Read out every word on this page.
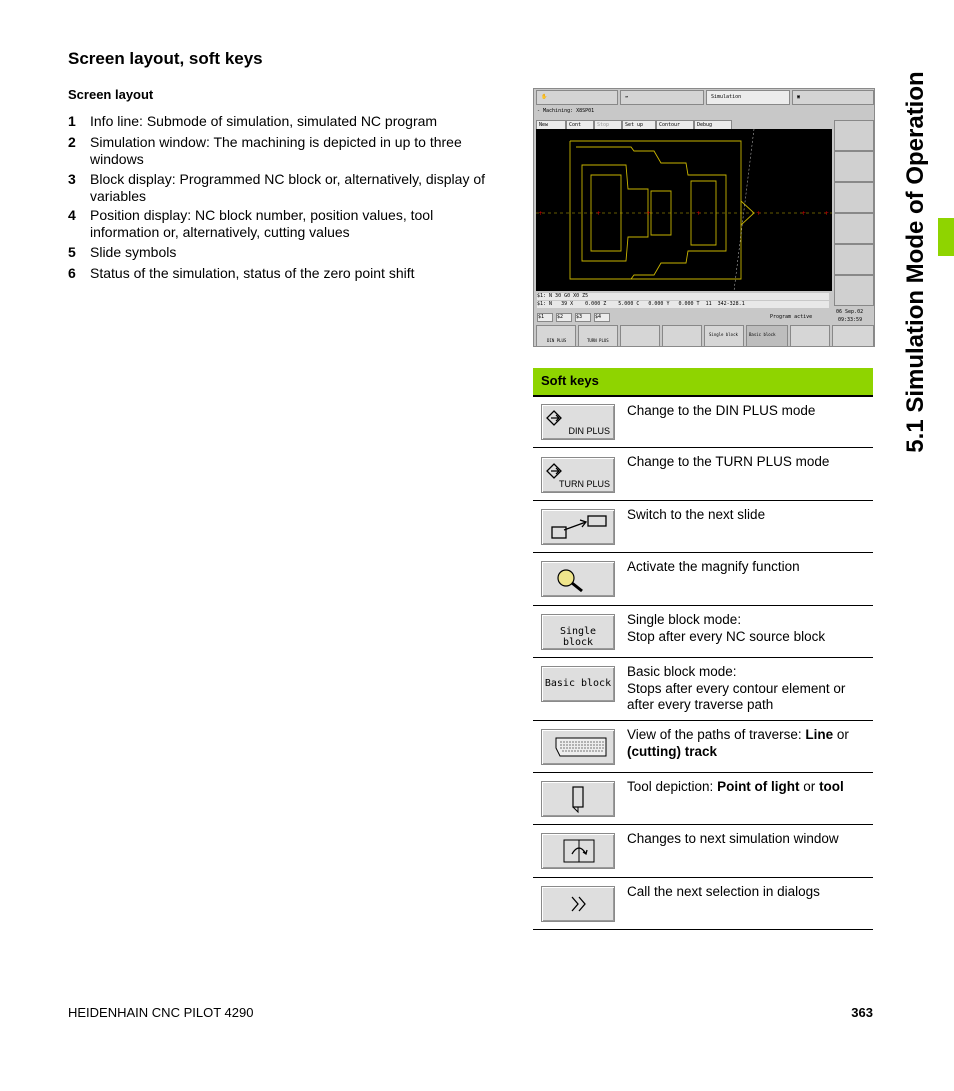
Screen layout, soft keys
Screen layout
1 Info line: Submode of simulation, simulated NC program
2 Simulation window: The machining is depicted in up to three windows
3 Block display: Programmed NC block or, alternatively, display of variables
4 Position display: NC block number, position values, tool information or, alternatively, cutting values
5 Slide symbols
6 Status of the simulation, status of the zero point shift	5.1 Simulation Mode of Operation
✋	⇛	Simulation	▣
- Machining: X8SP01
New	Cont	Stop	Set up	Contour	Debug
+	+	+	+	+	+	+
$1: N 30 G0 X0 Z5
$1: N   39 X    0.000 Z    5.000 C   0.000 Y   0.000 T  11  342-328.1
$1	$2	$3	$4	Program active
06 Sep.02
09:33:59
DIN PLUS	TURN PLUS
Single block	Basic block
Soft keys
DIN PLUS
Change to the DIN PLUS mode
TURN PLUS
Change to the TURN PLUS mode
Switch to the next slide
Activate the magnify function
Single block
Single block mode:
Stop after every NC source block
Basic block
Basic block mode:
Stops after every contour element or after every traverse path
View of the paths of traverse: Line or (cutting) track
Tool depiction: Point of light or tool
Changes to next simulation window
Call the next selection in dialogs
HEIDENHAIN CNC PILOT 4290	363
